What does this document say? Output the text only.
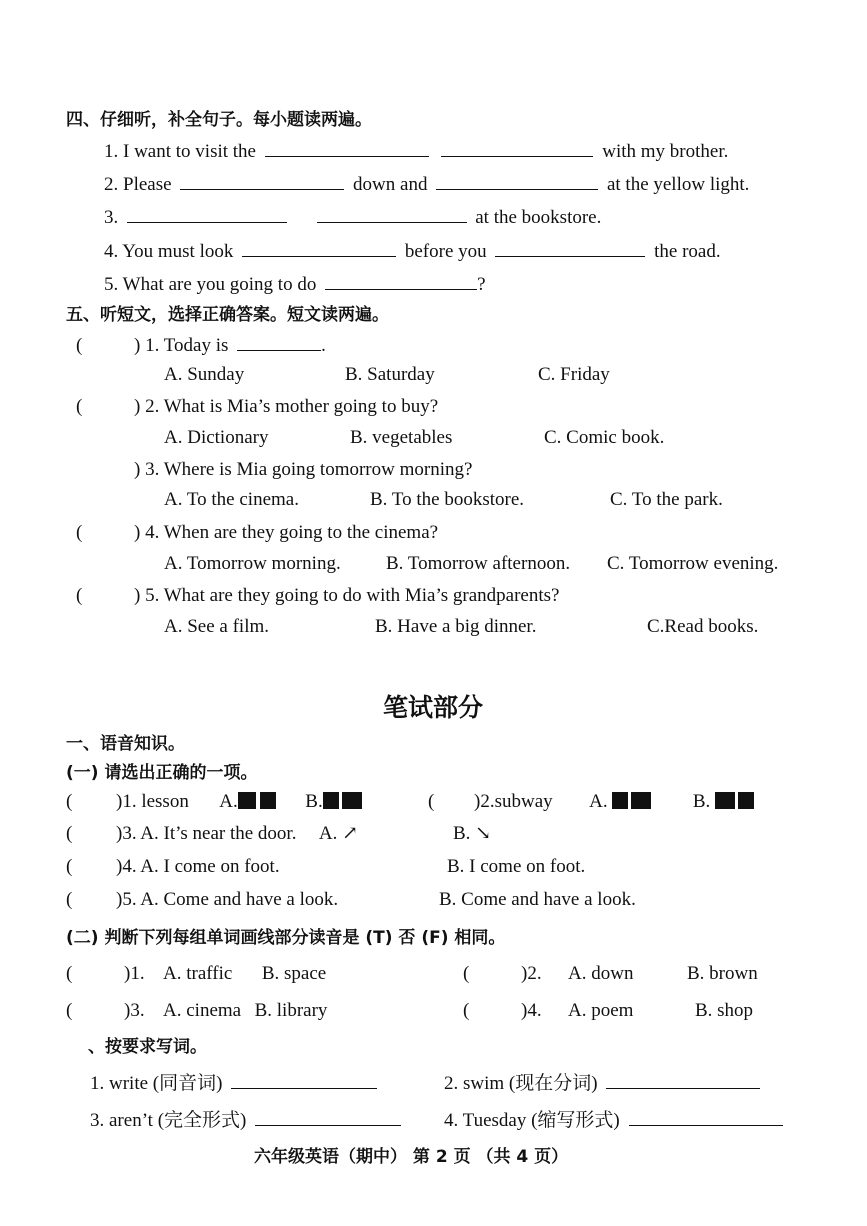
四、仔细听，补全句子。每小题读两遍。
1. I want to visit the	with my brother.
2. Please	down and	at the yellow light.
3.	at the bookstore.
4. You must look	before you	the road.
5. What are you going to do	?
五、听短文，选择正确答案。短文读两遍。
(	) 1. Today is	.
A. Sunday	B. Saturday	C. Friday
(	) 2. What is Mia’s mother going to buy?
A. Dictionary	B. vegetables	C. Comic book.
) 3. Where is Mia going tomorrow morning?
A. To the cinema.	B. To the bookstore.	C. To the park.
(	) 4. When are they going to the cinema?
A. Tomorrow morning. B. Tomorrow afternoon. C. Tomorrow evening.
(	) 5. What are they going to do with Mia’s grandparents?
A. See a film.	B. Have a big dinner.	C.Read books.
笔试部分
一、语音知识。
(一) 请选出正确的一项。
( )1. lesson A.	B.	( )2.subway A.	B.
( )3. A. It’s near the door. A. ↗	B. ↘
( )4. A. I come on foot.	B. I come on foot.
( )5. A. Come and have a look.	B. Come and have a look.
(二) 判断下列每组单词画线部分读音是 (T) 否 (F) 相同。
(	)1. A. traffic B. space	(	)2. A. down	B. brown
(	)3. A. cinema B. library	(	)4. A. poem	B. shop
、按要求写词。
1. write (同音词)	2. swim (现在分词)
3. aren’t (完全形式)	4. Tuesday (缩写形式)
六年级英语（期中） 第 2 页 （共 4 页）
